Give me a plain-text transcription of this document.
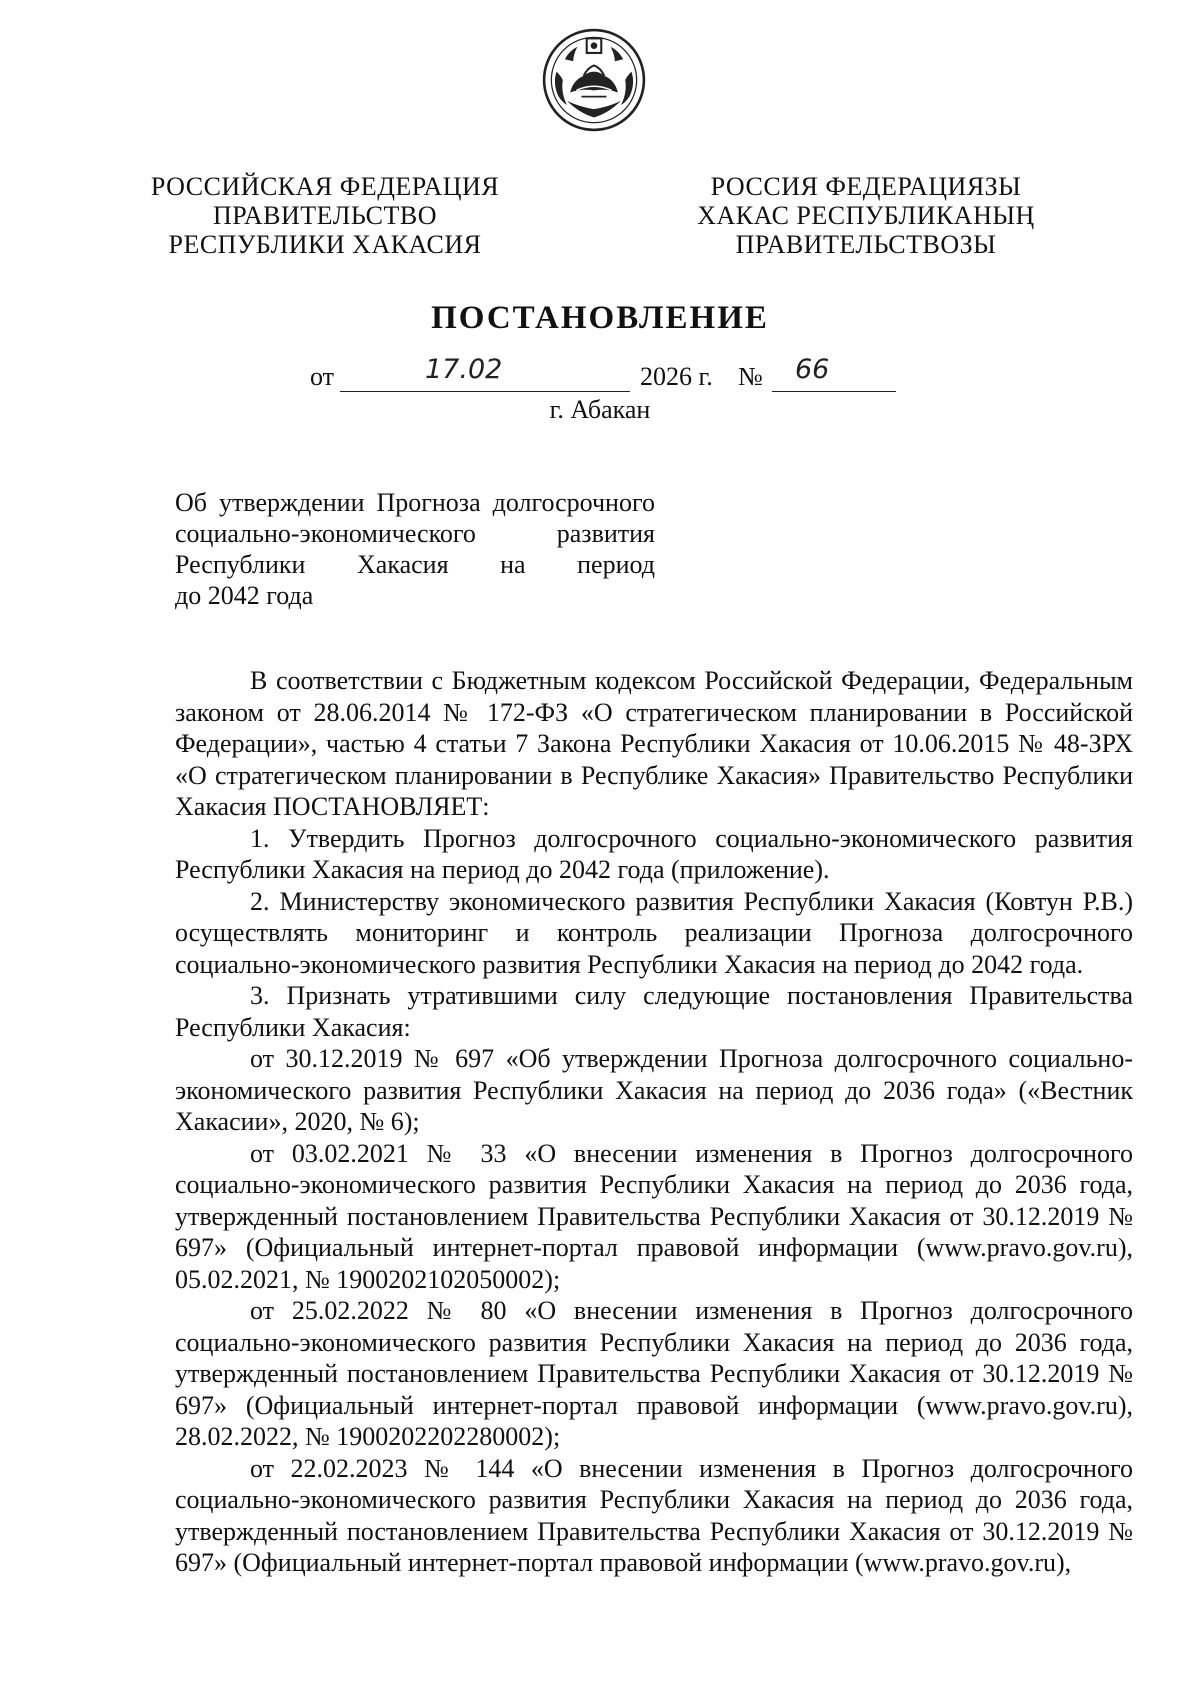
РОССИЙСКАЯ ФЕДЕРАЦИЯ
ПРАВИТЕЛЬСТВО
РЕСПУБЛИКИ ХАКАСИЯ
РОССИЯ ФЕДЕРАЦИЯЗЫ
ХАКАС РЕСПУБЛИКАНЫҢ
ПРАВИТЕЛЬСТВОЗЫ
ПОСТАНОВЛЕНИЕ
от	17.02	2026 г. № 66
г. Абакан
Об утверждении Прогноза долгосрочного
социально-экономического развития
Республики Хакасия на период
до 2042 года

В соответствии с Бюджетным кодексом Российской Федерации, Федеральным законом от 28.06.2014 № 172-ФЗ «О стратегическом планировании в Российской Федерации», частью 4 статьи 7 Закона Республики Хакасия от 10.06.2015 № 48-ЗРХ «О стратегическом планировании в Республике Хакасия» Правительство Республики Хакасия ПОСТАНОВЛЯЕТ:

1. Утвердить Прогноз долгосрочного социально-экономического развития Республики Хакасия на период до 2042 года (приложение).

2. Министерству экономического развития Республики Хакасия (Ковтун Р.В.) осуществлять мониторинг и контроль реализации Прогноза долгосрочного социально-экономического развития Республики Хакасия на период до 2042 года.

3. Признать утратившими силу следующие постановления Правительства Республики Хакасия:

от 30.12.2019 № 697 «Об утверждении Прогноза долгосрочного социально-экономического развития Республики Хакасия на период до 2036 года» («Вестник Хакасии», 2020, № 6);

от 03.02.2021 № 33 «О внесении изменения в Прогноз долгосрочного социально-экономического развития Республики Хакасия на период до 2036 года, утвержденный постановлением Правительства Республики Хакасия от 30.12.2019 № 697» (Официальный интернет-портал правовой информации (www.pravo.gov.ru), 05.02.2021, № 1900202102050002);

от 25.02.2022 № 80 «О внесении изменения в Прогноз долгосрочного социально-экономического развития Республики Хакасия на период до 2036 года, утвержденный постановлением Правительства Республики Хакасия от 30.12.2019 № 697» (Официальный интернет-портал правовой информации (www.pravo.gov.ru), 28.02.2022, № 1900202202280002);

от 22.02.2023 № 144 «О внесении изменения в Прогноз долгосрочного социально-экономического развития Республики Хакасия на период до 2036 года, утвержденный постановлением Правительства Республики Хакасия от 30.12.2019 № 697» (Официальный интернет-портал правовой информации (www.pravo.gov.ru),
